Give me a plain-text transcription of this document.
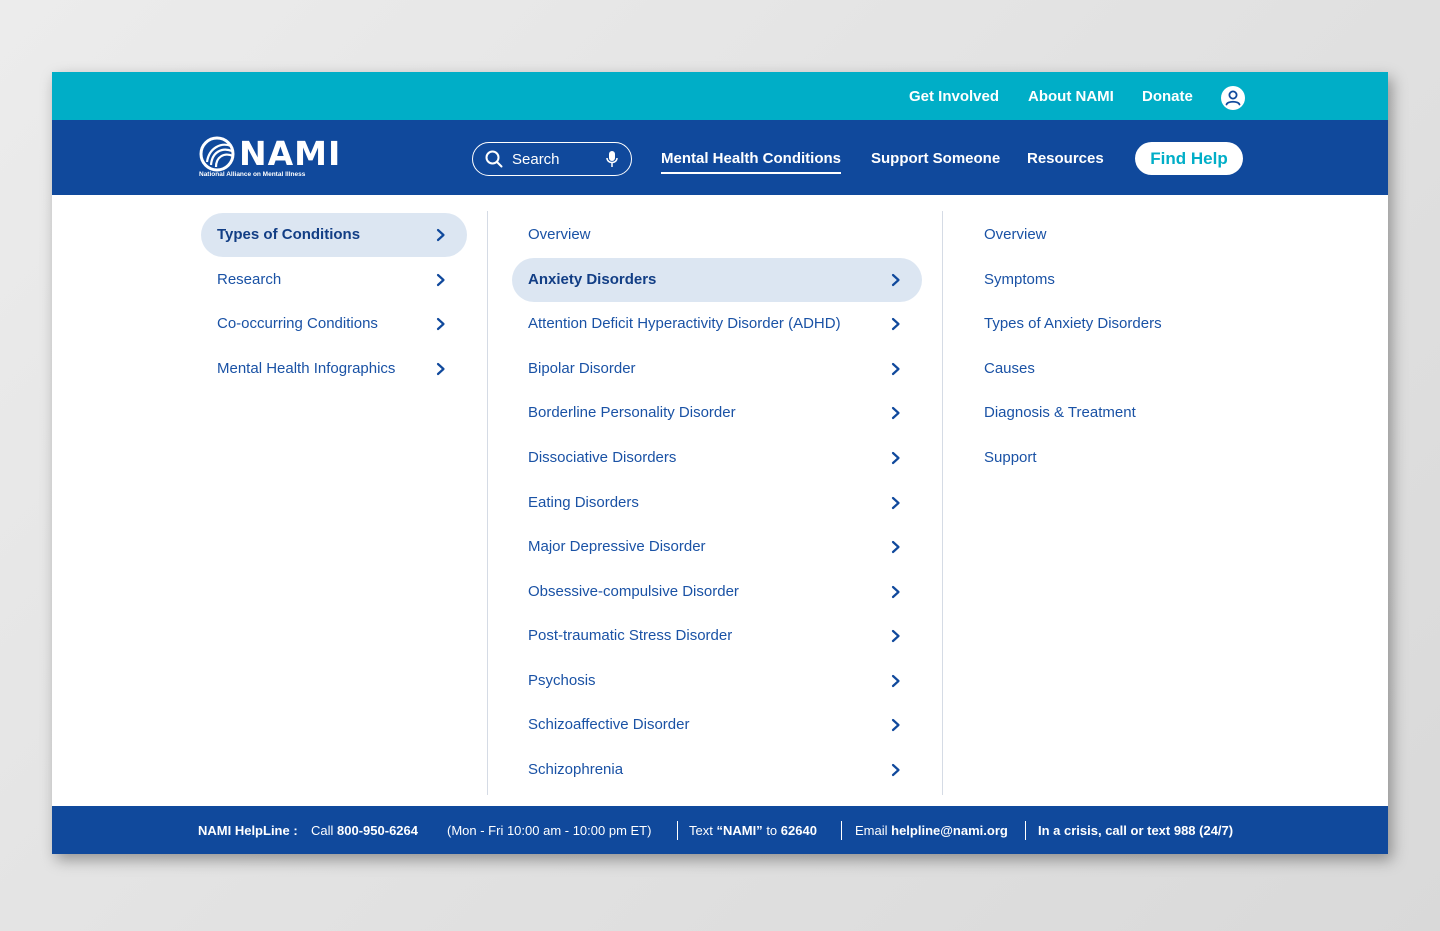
Get Involved About NAMI Donate
NAMI
National Alliance on Mental Illness
Search	Mental Health Conditions Support Someone Resources	Find Help
Types of Conditions
Research
Co-occurring Conditions
Mental Health Infographics
Overview
Anxiety Disorders
Attention Deficit Hyperactivity Disorder (ADHD)
Bipolar Disorder
Borderline Personality Disorder
Dissociative Disorders
Eating Disorders
Major Depressive Disorder
Obsessive-compulsive Disorder
Post-traumatic Stress Disorder
Psychosis
Schizoaffective Disorder
Schizophrenia
Overview
Symptoms
Types of Anxiety Disorders
Causes
Diagnosis & Treatment
Support
NAMI HelpLine : Call 800-950-6264 (Mon - Fri 10:00 am - 10:00 pm ET)	Text “NAMI” to 62640	Email helpline@nami.org In a crisis, call or text 988 (24/7)
